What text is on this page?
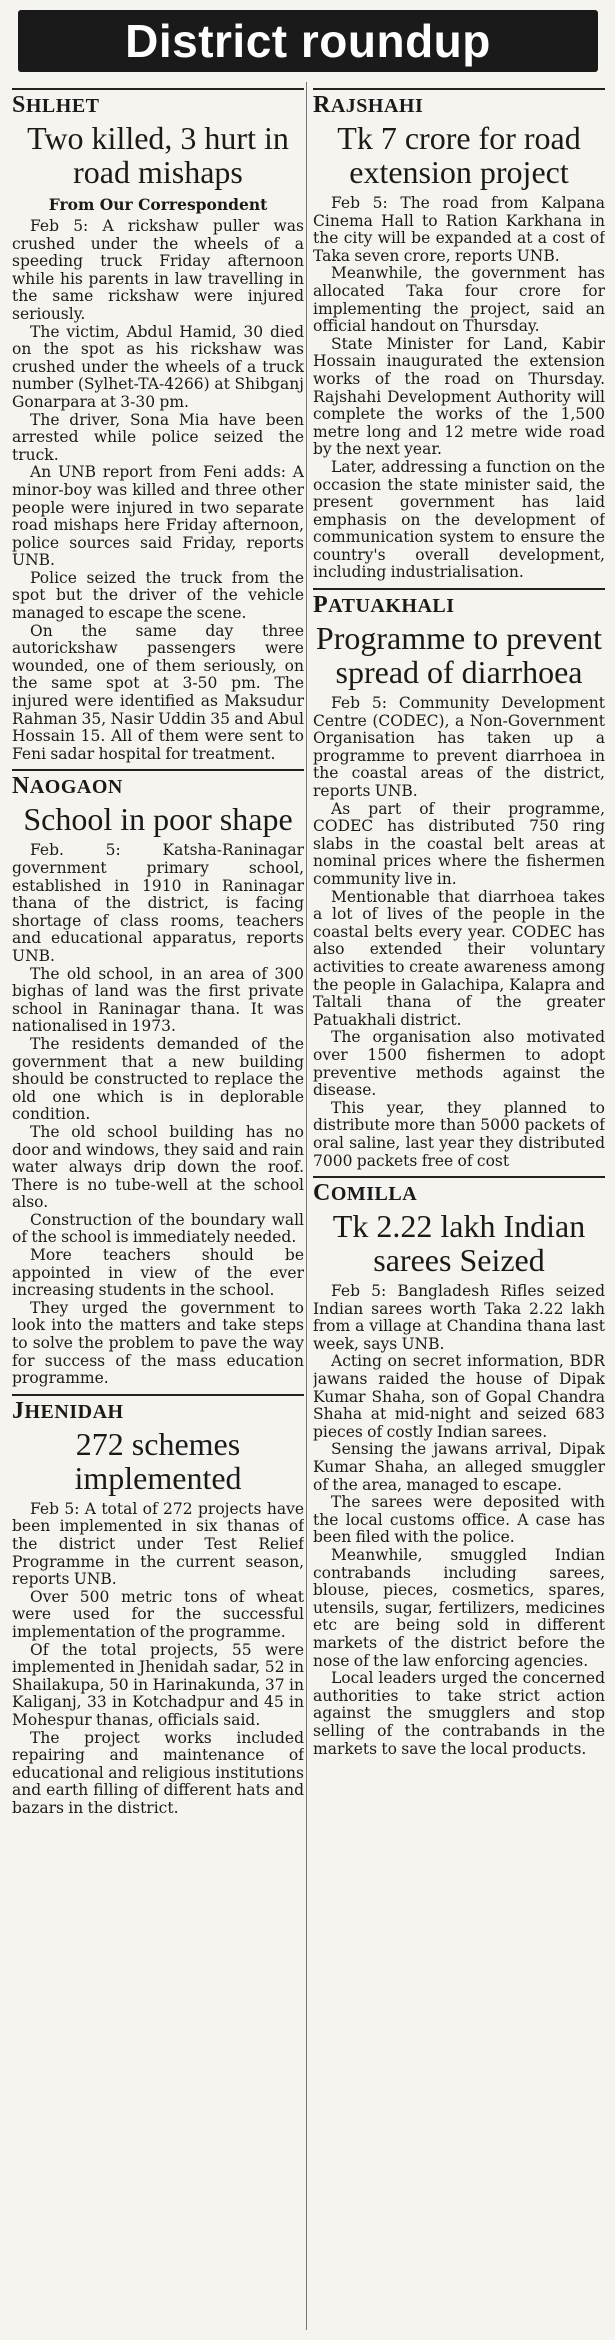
District roundup
SHLHET
Two killed, 3 hurt in road mishaps
From Our Correspondent

Feb 5: A rickshaw puller was crushed under the wheels of a speeding truck Friday afternoon while his parents in law travelling in the same rickshaw were injured seriously.

The victim, Abdul Hamid, 30 died on the spot as his rickshaw was crushed under the wheels of a truck number (Sylhet-TA-4266) at Shibganj Gonarpara at 3-30 pm.

The driver, Sona Mia have been arrested while police seized the truck.

An UNB report from Feni adds: A minor-boy was killed and three other people were injured in two separate road mishaps here Friday afternoon, police sources said Friday, reports UNB.

Police seized the truck from the spot but the driver of the vehicle managed to escape the scene.

On the same day three autorickshaw passengers were wounded, one of them seriously, on the same spot at 3-50 pm. The injured were identified as Maksudur Rahman 35, Nasir Uddin 35 and Abul Hossain 15. All of them were sent to Feni sadar hospital for treatment.

NAOGAON
School in poor shape

Feb. 5: Katsha-Raninagar government primary school, established in 1910 in Raninagar thana of the district, is facing shortage of class rooms, teachers and educational apparatus, reports UNB.

The old school, in an area of 300 bighas of land was the first private school in Raninagar thana. It was nationalised in 1973.

The residents demanded of the government that a new building should be constructed to replace the old one which is in deplorable condition.

The old school building has no door and windows, they said and rain water always drip down the roof. There is no tube-well at the school also.

Construction of the boundary wall of the school is immediately needed.

More teachers should be appointed in view of the ever increasing students in the school.

They urged the government to look into the matters and take steps to solve the problem to pave the way for success of the mass education programme.

JHENIDAH
272 schemes implemented

Feb 5: A total of 272 projects have been implemented in six thanas of the district under Test Relief Programme in the current season, reports UNB.

Over 500 metric tons of wheat were used for the successful implementation of the programme.

Of the total projects, 55 were implemented in Jhenidah sadar, 52 in Shailakupa, 50 in Harinakunda, 37 in Kaliganj, 33 in Kotchadpur and 45 in Mohespur thanas, officials said.

The project works included repairing and maintenance of educational and religious institutions and earth filling of different hats and bazars in the district.

RAJSHAHI
Tk 7 crore for road extension project

Feb 5: The road from Kalpana Cinema Hall to Ration Karkhana in the city will be expanded at a cost of Taka seven crore, reports UNB.

Meanwhile, the government has allocated Taka four crore for implementing the project, said an official handout on Thursday.

State Minister for Land, Kabir Hossain inaugurated the extension works of the road on Thursday. Rajshahi Development Authority will complete the works of the 1,500 metre long and 12 metre wide road by the next year.

Later, addressing a function on the occasion the state minister said, the present government has laid emphasis on the development of communication system to ensure the country's overall development, including industrialisation.

PATUAKHALI
Programme to prevent spread of diarrhoea

Feb 5: Community Development Centre (CODEC), a Non-Government Organisation has taken up a programme to prevent diarrhoea in the coastal areas of the district, reports UNB.

As part of their programme, CODEC has distributed 750 ring slabs in the coastal belt areas at nominal prices where the fishermen community live in.

Mentionable that diarrhoea takes a lot of lives of the people in the coastal belts every year. CODEC has also extended their voluntary activities to create awareness among the people in Galachipa, Kalapra and Taltali thana of the greater Patuakhali district.

The organisation also motivated over 1500 fishermen to adopt preventive methods against the disease.

This year, they planned to distribute more than 5000 packets of oral saline, last year they distributed 7000 packets free of cost

COMILLA
Tk 2.22 lakh Indian sarees Seized

Feb 5: Bangladesh Rifles seized Indian sarees worth Taka 2.22 lakh from a village at Chandina thana last week, says UNB.

Acting on secret information, BDR jawans raided the house of Dipak Kumar Shaha, son of Gopal Chandra Shaha at mid-night and seized 683 pieces of costly Indian sarees.

Sensing the jawans arrival, Dipak Kumar Shaha, an alleged smuggler of the area, managed to escape.

The sarees were deposited with the local customs office. A case has been filed with the police.

Meanwhile, smuggled Indian contrabands including sarees, blouse, pieces, cosmetics, spares, utensils, sugar, fertilizers, medicines etc are being sold in different markets of the district before the nose of the law enforcing agencies.

Local leaders urged the concerned authorities to take strict action against the smugglers and stop selling of the contrabands in the markets to save the local products.
